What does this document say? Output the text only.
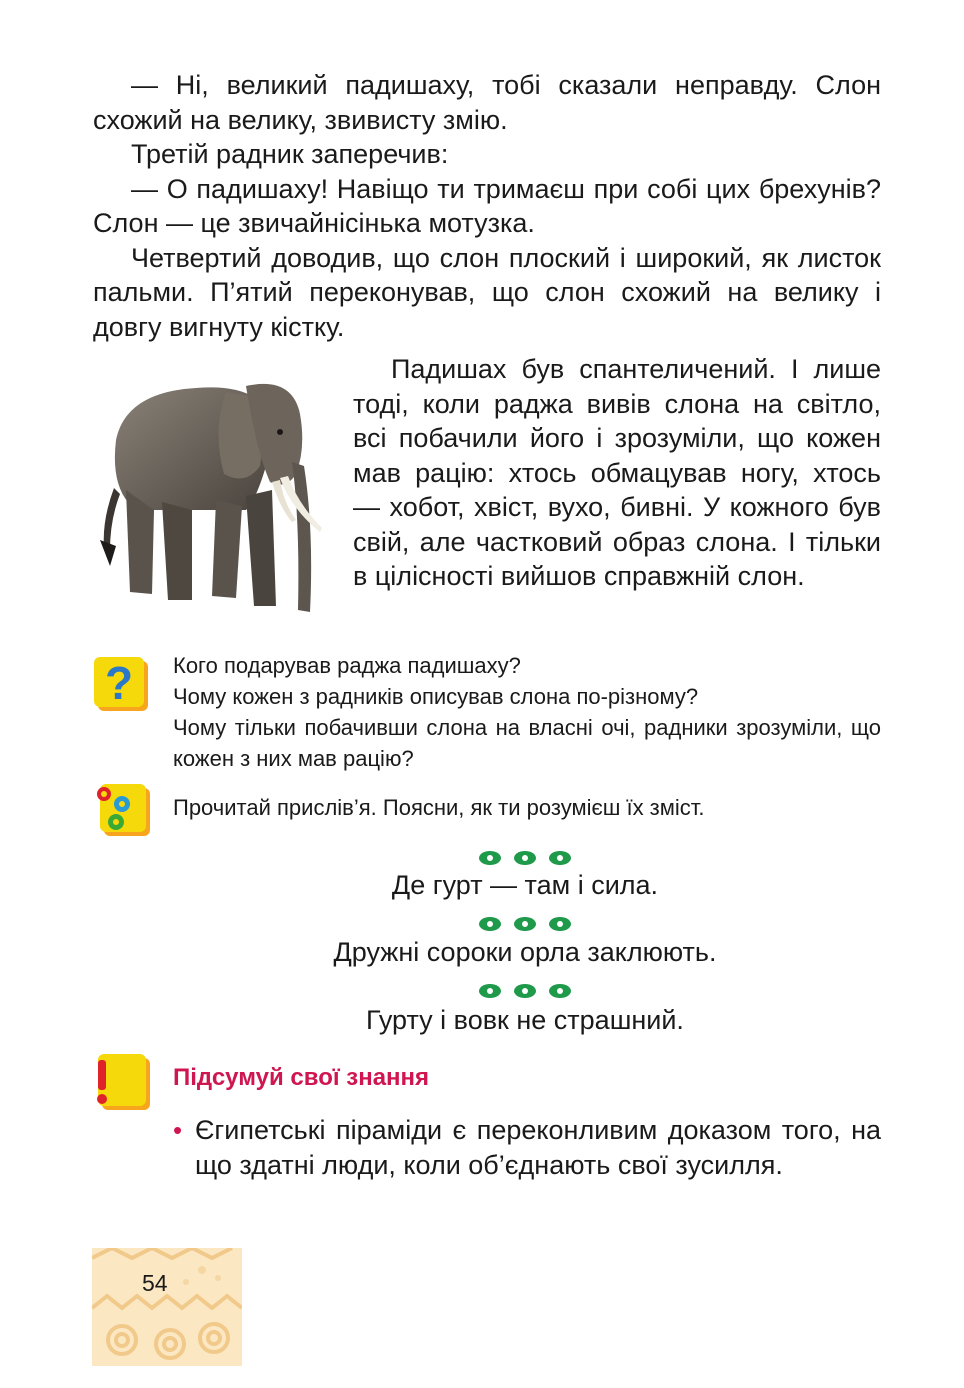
— Ні, великий падишаху, тобі сказали неправду. Слон схожий на велику, звивисту змію.

Третій радник заперечив:

— О падишаху! Навіщо ти тримаєш при собі цих брехунів? Слон — це звичайнісінька мотузка.

Четвертий доводив, що слон плоский і широкий, як листок пальми. П’ятий переконував, що слон схожий на велику і довгу вигнуту кістку.

Падишах був спантеличений. І лише тоді, коли раджа вивів слона на світло, всі побачили його і зрозуміли, що кожен мав рацію: хтось обмацував ногу, хтось — хобот, хвіст, вухо, бивні. У кожного був свій, але частковий образ слона. І тільки в цілісності вийшов справжній слон.

? Кого подарував раджа падишаху?

Чому кожен з радників описував слона по-різному?

Чому тільки побачивши слона на власні очі, радники зрозуміли, що кожен з них мав рацію?

Прочитай прислів’я. Поясни, як ти розумієш їх зміст.
Де гурт — там і сила.
Дружні сороки орла заклюють.
Гурту і вовк не страшний.
Підсумуй свої знання

• Єгипетські піраміди є переконливим доказом того, на що здатні люди, коли об’єднають свої зусилля.

54
